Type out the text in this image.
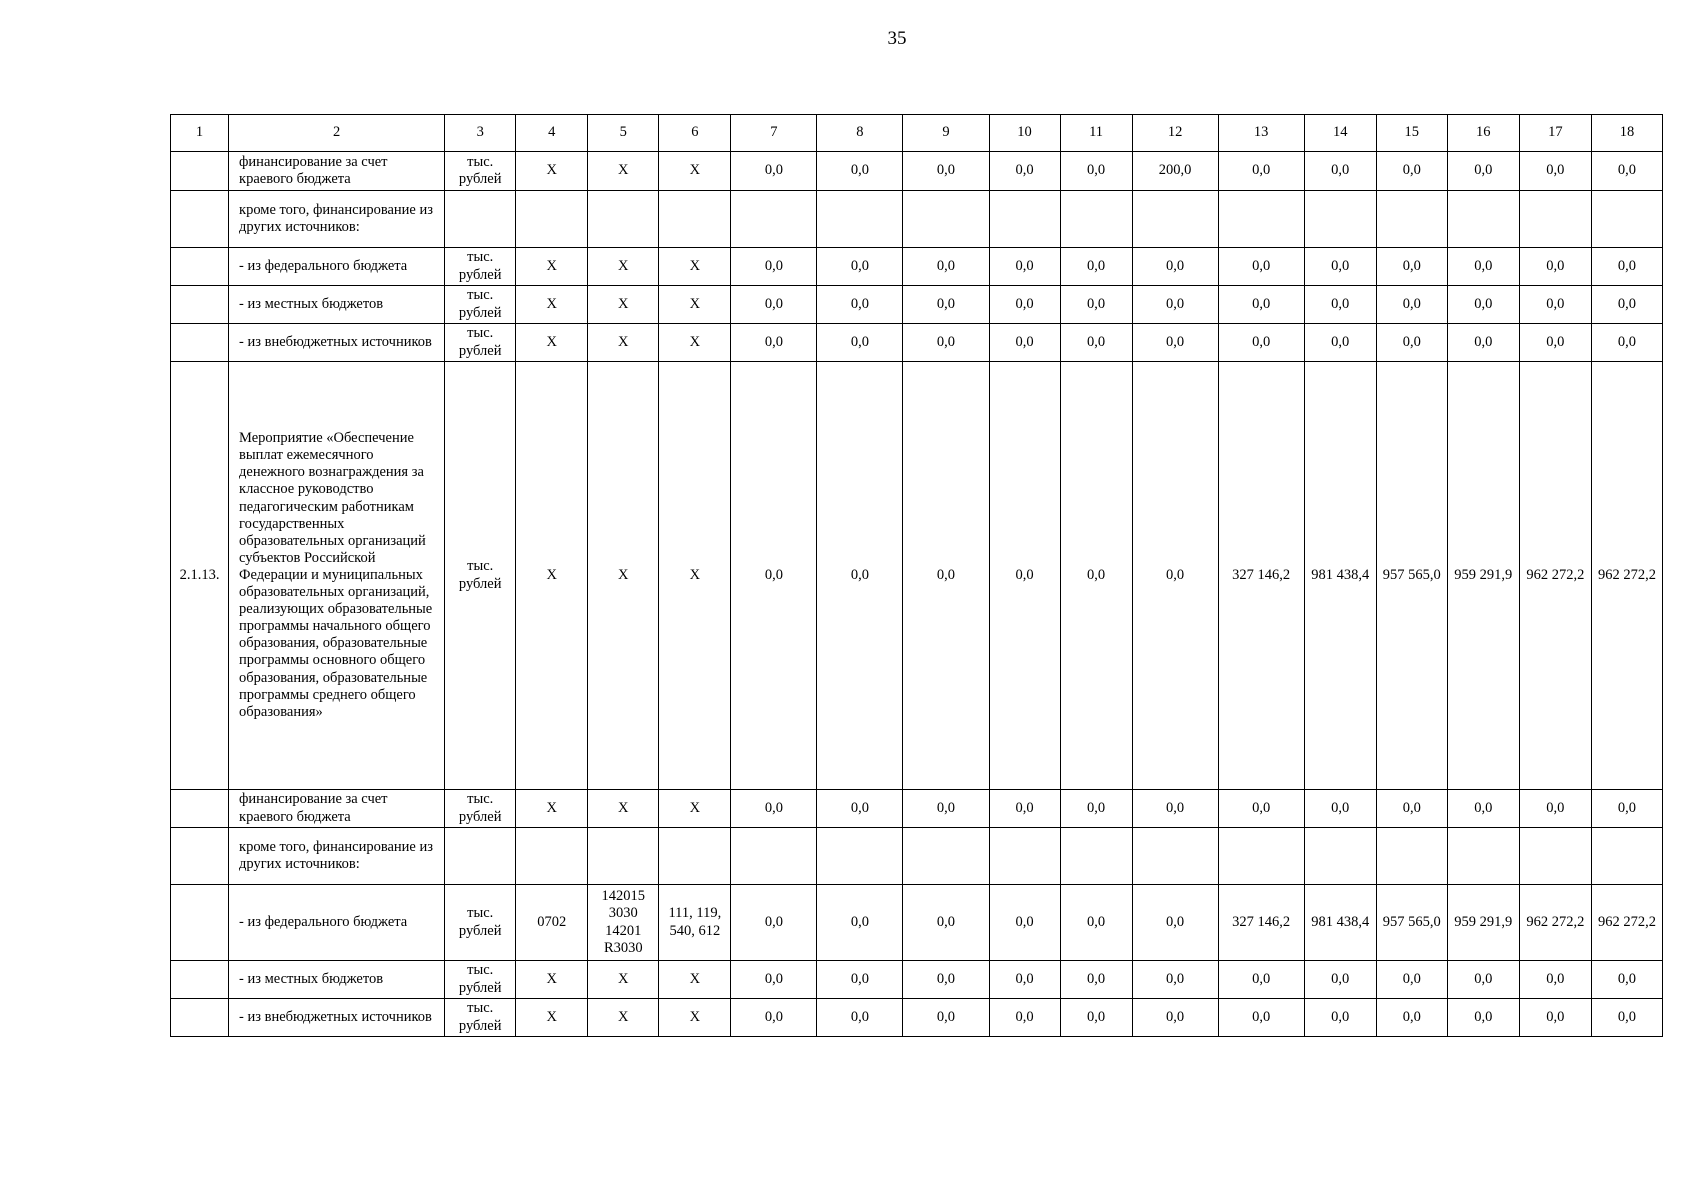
35
1	2	3	4	5	6	7	8	9	10	11	12	13	14	15	16	17	18
	финансирование за счет краевого бюджета	тыс. рублей	Х	Х	Х	0,0	0,0	0,0	0,0	0,0	200,0	0,0	0,0	0,0	0,0	0,0	0,0
	кроме того, финансирование из других источников:																
	- из федерального бюджета	тыс. рублей	Х	Х	Х	0,0	0,0	0,0	0,0	0,0	0,0	0,0	0,0	0,0	0,0	0,0	0,0
	- из местных бюджетов	тыс. рублей	Х	Х	Х	0,0	0,0	0,0	0,0	0,0	0,0	0,0	0,0	0,0	0,0	0,0	0,0
	- из внебюджетных источников	тыс. рублей	Х	Х	Х	0,0	0,0	0,0	0,0	0,0	0,0	0,0	0,0	0,0	0,0	0,0	0,0
2.1.13.	Мероприятие «Обеспечение выплат ежемесячного денежного вознаграждения за классное руководство педагогическим работникам государственных образовательных организаций субъектов Российской Федерации и муниципальных образовательных организаций, реализующих образовательные программы начального общего образования, образовательные программы основного общего образования, образовательные программы среднего общего образования»	тыс. рублей	Х	Х	Х	0,0	0,0	0,0	0,0	0,0	0,0	327 146,2	981 438,4	957 565,0	959 291,9	962 272,2	962 272,2
	финансирование за счет краевого бюджета	тыс. рублей	Х	Х	Х	0,0	0,0	0,0	0,0	0,0	0,0	0,0	0,0	0,0	0,0	0,0	0,0
	кроме того, финансирование из других источников:																
	- из федерального бюджета	тыс. рублей	0702	142015 3030 14201 R3030	111, 119, 540, 612	0,0	0,0	0,0	0,0	0,0	0,0	327 146,2	981 438,4	957 565,0	959 291,9	962 272,2	962 272,2
	- из местных бюджетов	тыс. рублей	Х	Х	Х	0,0	0,0	0,0	0,0	0,0	0,0	0,0	0,0	0,0	0,0	0,0	0,0
	- из внебюджетных источников	тыс. рублей	Х	Х	Х	0,0	0,0	0,0	0,0	0,0	0,0	0,0	0,0	0,0	0,0	0,0	0,0
